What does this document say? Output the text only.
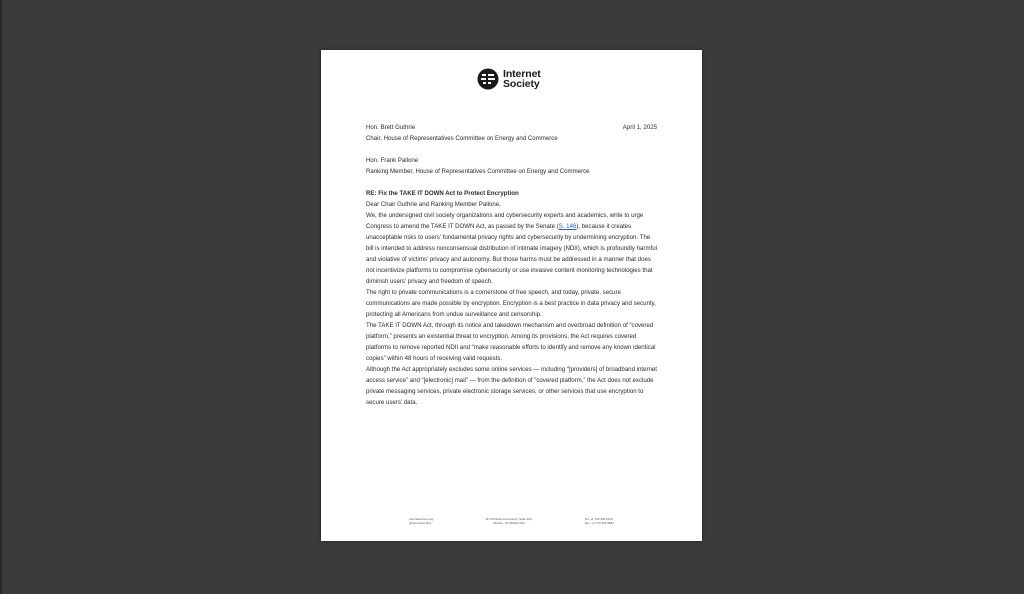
Internet
Society

Hon. Brett Guthrie	April 1, 2025

Chair, House of Representatives Committee on Energy and Commerce

Hon. Frank Pallone

Ranking Member, House of Representatives Committee on Energy and Commerce

RE: Fix the TAKE IT DOWN Act to Protect Encryption

Dear Chair Guthrie and Ranking Member Pallone,

We, the undersigned civil society organizations and cybersecurity experts and academics, write to urge Congress to amend the TAKE IT DOWN Act, as passed by the Senate (S. 146), because it creates unacceptable risks to users' fundamental privacy rights and cybersecurity by undermining encryption. The bill is intended to address nonconsensual distribution of intimate imagery (NDII), which is profoundly harmful and violative of victims' privacy and autonomy. But those harms must be addressed in a manner that does not incentivize platforms to compromise cybersecurity or use invasive content monitoring technologies that diminish users' privacy and freedom of speech.

The right to private communications is a cornerstone of free speech, and today, private, secure communications are made possible by encryption. Encryption is a best practice in data privacy and security, protecting all Americans from undue surveillance and censorship.

The TAKE IT DOWN Act, through its notice and takedown mechanism and overbroad definition of “covered platform,” presents an existential threat to encryption. Among its provisions, the Act requires covered platforms to remove reported NDII and “make reasonable efforts to identify and remove any known identical copies” within 48 hours of receiving valid requests.

Although the Act appropriately excludes some online services — including “[providers] of broadband internet access service” and “[electronic] mail” — from the definition of “covered platform,” the Act does not exclude private messaging services, private electronic storage services, or other services that use encryption to secure users' data.

internetsociety.org
@internetsociety
11710 Plaza America Dr, Suite 400,
Reston, VA 20190 USA
Tel: +1 703 439 2120
Fax: +1 703 326 9881
